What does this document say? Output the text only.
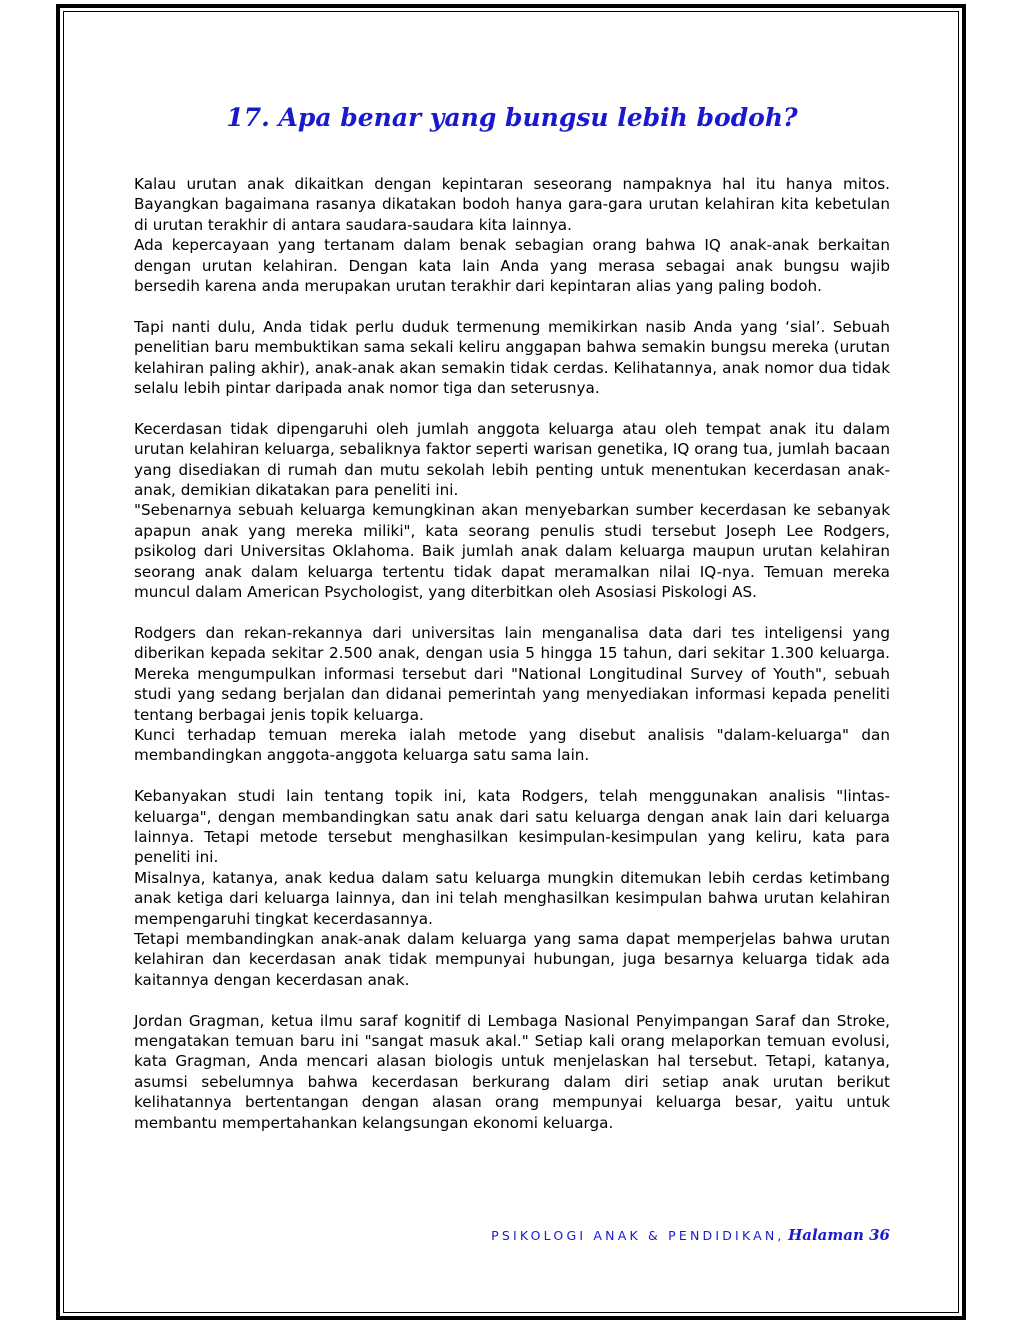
17. Apa benar yang bungsu lebih bodoh?

Kalau urutan anak dikaitkan dengan kepintaran seseorang nampaknya hal itu hanya mitos. Bayangkan bagaimana rasanya dikatakan bodoh hanya gara-gara urutan kelahiran kita kebetulan di urutan terakhir di antara saudara-saudara kita lainnya.

Ada kepercayaan yang tertanam dalam benak sebagian orang bahwa IQ anak-anak berkaitan dengan urutan kelahiran. Dengan kata lain Anda yang merasa sebagai anak bungsu wajib bersedih karena anda merupakan urutan terakhir dari kepintaran alias yang paling bodoh.

Tapi nanti dulu, Anda tidak perlu duduk termenung memikirkan nasib Anda yang ‘sial’. Sebuah penelitian baru membuktikan sama sekali keliru anggapan bahwa semakin bungsu mereka (urutan kelahiran paling akhir), anak-anak akan semakin tidak cerdas. Kelihatannya, anak nomor dua tidak selalu lebih pintar daripada anak nomor tiga dan seterusnya.

Kecerdasan tidak dipengaruhi oleh jumlah anggota keluarga atau oleh tempat anak itu dalam urutan kelahiran keluarga, sebaliknya faktor seperti warisan genetika, IQ orang tua, jumlah bacaan yang disediakan di rumah dan mutu sekolah lebih penting untuk menentukan kecerdasan anak-anak, demikian dikatakan para peneliti ini.

"Sebenarnya sebuah keluarga kemungkinan akan menyebarkan sumber kecerdasan ke sebanyak apapun anak yang mereka miliki", kata seorang penulis studi tersebut Joseph Lee Rodgers, psikolog dari Universitas Oklahoma. Baik jumlah anak dalam keluarga maupun urutan kelahiran seorang anak dalam keluarga tertentu tidak dapat meramalkan nilai IQ-nya. Temuan mereka muncul dalam American Psychologist, yang diterbitkan oleh Asosiasi Piskologi AS.

Rodgers dan rekan-rekannya dari universitas lain menganalisa data dari tes inteligensi yang diberikan kepada sekitar 2.500 anak, dengan usia 5 hingga 15 tahun, dari sekitar 1.300 keluarga. Mereka mengumpulkan informasi tersebut dari "National Longitudinal Survey of Youth", sebuah studi yang sedang berjalan dan didanai pemerintah yang menyediakan informasi kepada peneliti tentang berbagai jenis topik keluarga.

Kunci terhadap temuan mereka ialah metode yang disebut analisis "dalam-keluarga" dan membandingkan anggota-anggota keluarga satu sama lain.

Kebanyakan studi lain tentang topik ini, kata Rodgers, telah menggunakan analisis "lintas-keluarga", dengan membandingkan satu anak dari satu keluarga dengan anak lain dari keluarga lainnya. Tetapi metode tersebut menghasilkan kesimpulan-kesimpulan yang keliru, kata para peneliti ini.

Misalnya, katanya, anak kedua dalam satu keluarga mungkin ditemukan lebih cerdas ketimbang anak ketiga dari keluarga lainnya, dan ini telah menghasilkan kesimpulan bahwa urutan kelahiran mempengaruhi tingkat kecerdasannya.

Tetapi membandingkan anak-anak dalam keluarga yang sama dapat memperjelas bahwa urutan kelahiran dan kecerdasan anak tidak mempunyai hubungan, juga besarnya keluarga tidak ada kaitannya dengan kecerdasan anak.

Jordan Gragman, ketua ilmu saraf kognitif di Lembaga Nasional Penyimpangan Saraf dan Stroke, mengatakan temuan baru ini "sangat masuk akal." Setiap kali orang melaporkan temuan evolusi, kata Gragman, Anda mencari alasan biologis untuk menjelaskan hal tersebut. Tetapi, katanya, asumsi sebelumnya bahwa kecerdasan berkurang dalam diri setiap anak urutan berikut kelihatannya bertentangan dengan alasan orang mempunyai keluarga besar, yaitu untuk membantu mempertahankan kelangsungan ekonomi keluarga.

PSIKOLOGI ANAK & PENDIDIKAN, Halaman 36
